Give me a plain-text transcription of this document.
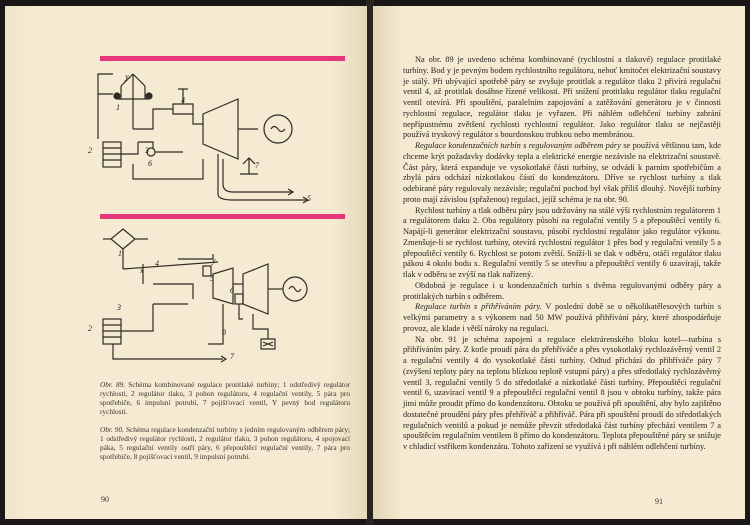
y
1
2	3
4
5
6	7
1
4	y
x
5
6
3
2	8
7
Obr. 89. Schéma kombinované regulace protitlaké turbíny; 1 odstředivý regulátor rychlosti, 2 regulátor tlaku, 3 pohon regulátoru, 4 regulační ventily, 5 pára pro spotřebiče, 6 impulsní potrubí, 7 pojišťovací ventil, Y pevný bod regulátoru rychlosti.
Obr. 90. Schéma regulace kondenzační turbíny s jedním regulovaným odběrem páry; 1 odstředivý regulátor rychlosti, 2 regulátor tlaku, 3 pohon regulátoru, 4 spojovací páka, 5 regulační ventily ostří páry, 6 přepouštěcí regulační ventily, 7 pára pro spotřebiče, 8 pojišťovací ventil, 9 impulsní potrubí.
90

Na obr. 89 je uvedeno schéma kombinované (rychlostní a tlakové) regulace protitlaké turbíny. Bod y je pevným bodem rychlostního regulátoru, neboť kmitočet elektrizační soustavy je stálý. Při ubývající spotřebě páry se zvyšuje protitlak a regulátor tlaku 2 přivírá regulační ventil 4, až protitlak dosáhne řízené velikosti. Při snížení protitlaku regulátor tlaku regulační ventil otevírá. Při spouštění, paralelním zapojování a zatěžování generátoru je v činnosti rychlostní regulace, regulátor tlaku je vyřazen. Při náhlém odlehčení turbíny zabrání nepřípustnému zvětšení rychlosti rychlostní regulátor. Jako regulátor tlaku se nejčastěji používá tryskový regulátor s bourdonskou trubkou nebo membránou.

Regulace kondenzačních turbín s regulovaným odběrem páry se používá většinou tam, kde chceme krýt požadavky dodávky tepla a elektrické energie nezávisle na elektrizační soustavě. Část páry, která expanduje ve vysokotlaké části turbíny, se odvádí k parním spotřebičům a zbylá pára odchází nízkotlakou částí do kondenzátoru. Dříve se rychlost turbíny a tlak odebírané páry regulovaly nezávisle; regulační pochod byl však příliš dlouhý. Novější turbíny proto mají závislou (spřaženou) regulaci, jejíž schéma je na obr. 90.

Rychlost turbíny a tlak odběru páry jsou udržovány na stálé výši rychlostním regulátorem 1 a regulátorem tlaku 2. Oba regulátory působí na regulační ventily 5 a přepouštěcí ventily 6. Napájí-li generátor elektrizační soustavu, působí rychlostní regulátor jako regulátor výkonu. Zmenšuje-li se rychlost turbíny, otevírá rychlostní regulátor 1 přes bod y regulační ventily 5 a přepouštěcí ventily 6. Rychlost se potom zvětší. Sníží-li se tlak v odběru, otáčí regulátor tlaku pákou 4 okolo bodu x. Regulační ventily 5 se otevřou a přepouštěcí ventily 6 uzavírají, takže tlak v odběru se zvýší na tlak nařízený.

Obdobná je regulace i u kondenzačních turbín s dvěma regulovanými odběry páry a protitlakých turbín s odběrem.

Regulace turbín s přihříváním páry. V poslední době se u několikatělesových turbín s velkými parametry a s výkonem nad 50 MW používá přihřívání páry, které zhospodárňuje provoz, ale klade i větší nároky na regulaci.

Na obr. 91 je schéma zapojení a regulace elektrárenského bloku kotel—turbína s přihříváním páry. Z kotle proudí pára do přehříváče a přes vysokotlaký rychlozávěrný ventil 2 a regulační ventily 4 do vysokotlaké části turbíny. Odtud přichází do přihříváče páry 7 (zvýšení teploty páry na teplotu blízkou teplotě vstupní páry) a přes středotlaký rychlozávěrný ventil 3, regulační ventily 5 do středotlaké a nízkotlaké části turbíny. Přepouštěcí regulační ventil 6, uzavírací ventil 9 a přepouštěcí regulační ventil 8 jsou v obtoku turbíny, takže pára jimi může proudit přímo do kondenzátoru. Obtoku se používá při spouštění, aby bylo zajištěno dostatečné proudění páry přes přehříváč a přihříváč. Pára při spouštění proudí do středotlakých regulačních ventilů a pokud je nemůže převzít středotlaká část turbíny přechází ventilem 7 a spouštěcím regulačním ventilem 8 přímo do kondenzátoru. Teplota přepouštěné páry se snižuje v chladicí vstřikem kondenzátu. Tohoto zařízení se využívá i při náhlém odlehčení turbíny.

91
